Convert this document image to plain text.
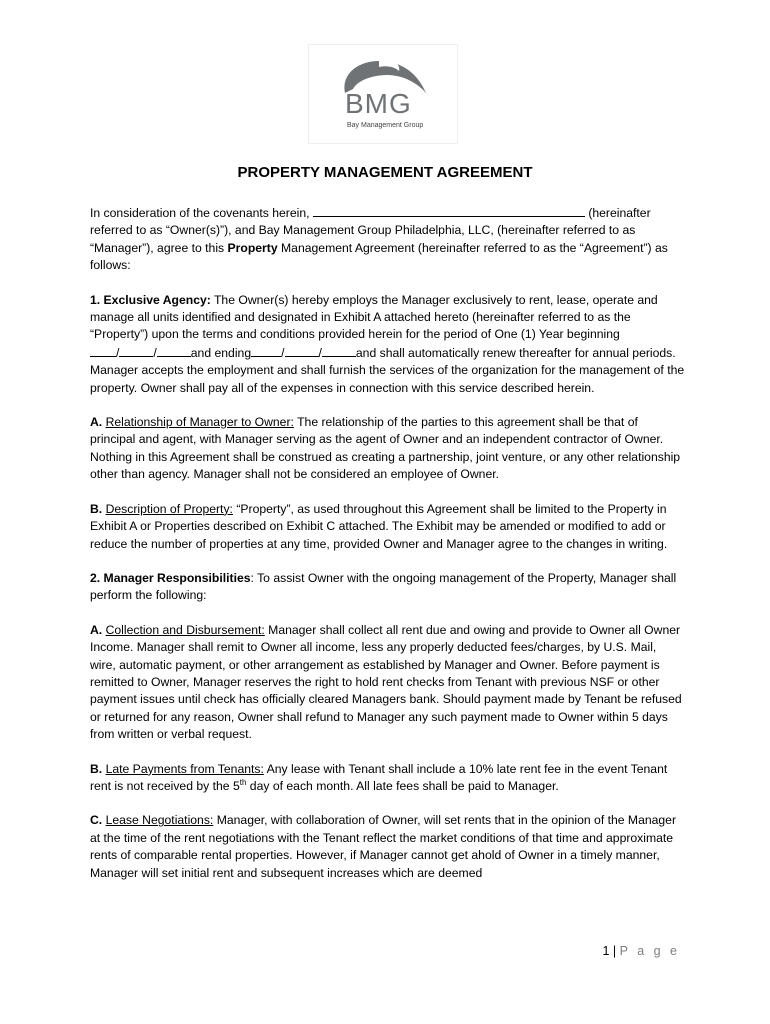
BMG
Bay Management Group
PROPERTY MANAGEMENT AGREEMENT

In consideration of the covenants herein,	(hereinafter referred to as “Owner(s)”), and Bay Management Group Philadelphia, LLC, (hereinafter referred to as “Manager”), agree to this Property Management Agreement (hereinafter referred to as the “Agreement”) as follows:

1. Exclusive Agency: The Owner(s) hereby employs the Manager exclusively to rent, lease, operate and manage all units identified and designated in Exhibit A attached hereto (hereinafter referred to as the “Property”) upon the terms and conditions provided herein for the period of One (1) Year beginning
/	/	and ending /	/	and shall automatically renew thereafter for annual periods. Manager accepts the employment and shall furnish the services of the organization for the management of the property. Owner shall pay all of the expenses in connection with this service described herein.

A. Relationship of Manager to Owner: The relationship of the parties to this agreement shall be that of principal and agent, with Manager serving as the agent of Owner and an independent contractor of Owner. Nothing in this Agreement shall be construed as creating a partnership, joint venture, or any other relationship other than agency. Manager shall not be considered an employee of Owner.

B. Description of Property: “Property”, as used throughout this Agreement shall be limited to the Property in Exhibit A or Properties described on Exhibit C attached. The Exhibit may be amended or modified to add or reduce the number of properties at any time, provided Owner and Manager agree to the changes in writing.

2. Manager Responsibilities: To assist Owner with the ongoing management of the Property, Manager shall perform the following:

A. Collection and Disbursement: Manager shall collect all rent due and owing and provide to Owner all Owner Income. Manager shall remit to Owner all income, less any properly deducted fees/charges, by U.S. Mail, wire, automatic payment, or other arrangement as established by Manager and Owner. Before payment is remitted to Owner, Manager reserves the right to hold rent checks from Tenant with previous NSF or other payment issues until check has officially cleared Managers bank. Should payment made by Tenant be refused or returned for any reason, Owner shall refund to Manager any such payment made to Owner within 5 days from written or verbal request.

B. Late Payments from Tenants: Any lease with Tenant shall include a 10% late rent fee in the event Tenant rent is not received by the 5th day of each month. All late fees shall be paid to Manager.

C. Lease Negotiations: Manager, with collaboration of Owner, will set rents that in the opinion of the Manager at the time of the rent negotiations with the Tenant reflect the market conditions of that time and approximate rents of comparable rental properties. However, if Manager cannot get ahold of Owner in a timely manner, Manager will set initial rent and subsequent increases which are deemed

1 | P a g e
